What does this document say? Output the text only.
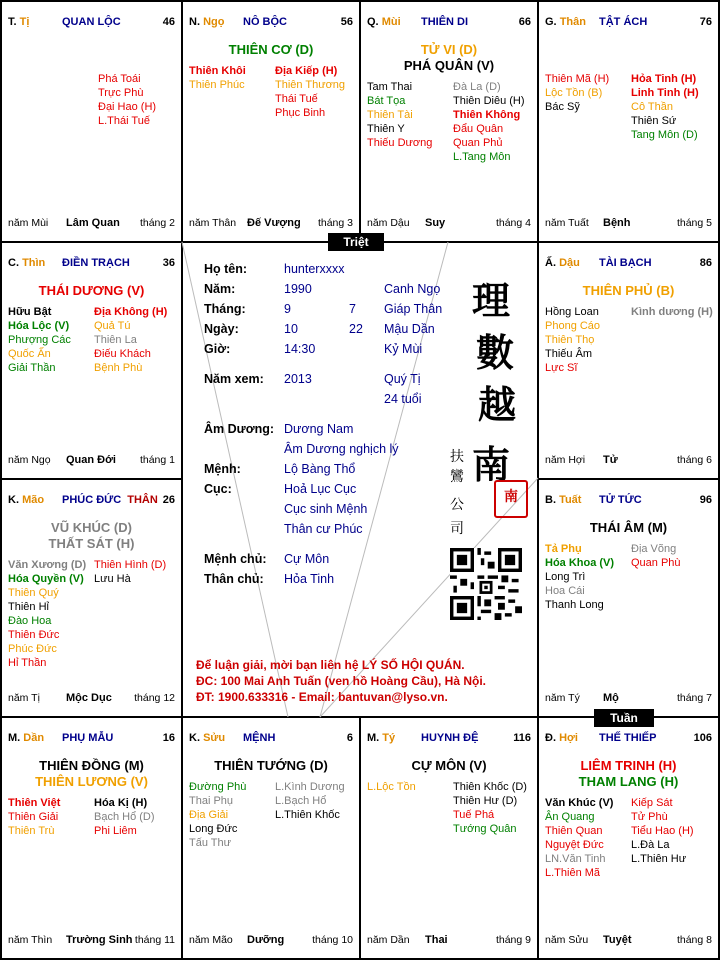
T. Tị	QUAN LỘC	46
Phá Toái
Trực Phù
Đại Hao (H)
L.Thái Tuế
năm Mùi Lâm Quan tháng 2
N. Ngọ NÔ BỘC	56
THIÊN CƠ (D)
Thiên Khôi
Thiên Phúc
Địa Kiếp (H)
Thiên Thương
Thái Tuế
Phục Binh
năm Thân Đế Vượng tháng 3
Q. Mùi THIÊN DI	66
TỬ VI (D)
PHÁ QUÂN (V)
Tam Thai
Bát Tọa
Thiên Tài
Thiên Y
Thiếu Dương
Đà La (D)
Thiên Diêu (H)
Thiên Không
Đẩu Quân
Quan Phủ
L.Tang Môn
năm Dậu Suy	tháng 4
G. Thân TẬT ÁCH	76
Thiên Mã (H)
Lộc Tồn (B)
Bác Sỹ
Hỏa Tinh (H)
Linh Tinh (H)
Cô Thần
Thiên Sứ
Tang Môn (D)
năm Tuất Bệnh	tháng 5
C. Thìn ĐIỀN TRẠCH	36
THÁI DƯƠNG (V)
Hữu Bật
Hóa Lộc (V)
Phượng Các
Quốc Ấn
Giải Thần
Địa Không (H)
Quả Tú
Thiên La
Điếu Khách
Bệnh Phù
năm Ngọ Quan Đới tháng 1
Ấ. Dậu TÀI BẠCH	86
THIÊN PHỦ (B)
Hồng Loan
Phong Cáo
Thiên Thọ
Thiếu Âm
Lực Sĩ
Kình dương (H)
năm Hợi Tử	tháng 6
K. Mão PHÚC ĐỨC THÂN 26
VŨ KHÚC (D)
THẤT SÁT (H)
Văn Xương (D)
Hóa Quyền (V)
Thiên Quý
Thiên Hỉ
Đào Hoa
Thiên Đức
Phúc Đức
Hỉ Thần
Thiên Hình (D)
Lưu Hà
năm Tị Mộc Dục tháng 12
B. Tuất TỬ TỨC	96
THÁI ÂM (M)
Tả Phụ
Hóa Khoa (V)
Long Trì
Hoa Cái
Thanh Long
Địa Võng
Quan Phù
năm Tý Mộ	tháng 7
M. Dần PHỤ MẪU	16
THIÊN ĐỒNG (M)
THIÊN LƯƠNG (V)
Thiên Việt
Thiên Giải
Thiên Trù
Hóa Kị (H)
Bạch Hổ (D)
Phi Liêm
năm Thìn Trường Sinh tháng 11
K. Sửu MỆNH	6
THIÊN TƯỚNG (D)
Đường Phù
Thai Phụ
Địa Giải
Long Đức
Tấu Thư
L.Kình Dương
L.Bạch Hổ
L.Thiên Khốc
năm Mão Dưỡng	tháng 10
M. Tý HUYNH ĐỆ	116
CỰ MÔN (V)
L.Lộc Tồn	Thiên Khốc (D)
Thiên Hư (D)
Tuế Phá
Tướng Quân
năm Dần Thai	tháng 9
Đ. Hợi THẾ THIẾP	106
LIÊM TRINH (H)
THAM LANG (H)
Văn Khúc (V)
Ân Quang
Thiên Quan
Nguyệt Đức
LN.Văn Tinh
L.Thiên Mã
Kiếp Sát
Tử Phù
Tiểu Hao (H)
L.Đà La
L.Thiên Hư
năm Sửu Tuyệt	tháng 8
Triệt
Tuần
Họ tên:	hunterxxxx
Năm:	1990	Canh Ngọ
Tháng:	9	7 Giáp Thân
Ngày:	10	22 Mậu Dần
Giờ:	14:30	Kỷ Mùi
Năm xem: 2013	Quý Tị
24 tuổi
Âm Dương: Dương Nam
Âm Dương nghịch lý
Mệnh:	Lộ Bàng Thổ
Cục:	Hoả Lục Cục
Cục sinh Mệnh
Thân cư Phúc
Mệnh chủ: Cự Môn
Thân chủ: Hỏa Tinh
理
數
越
南
扶
鸞
公
司
南
Để luận giải, mời bạn liên hệ LÝ SỐ HỘI QUÁN.
ĐC: 100 Mai Anh Tuấn (ven hồ Hoàng Cầu), Hà Nội.
ĐT: 1900.633316 - Email: bantuvan@lyso.vn.
